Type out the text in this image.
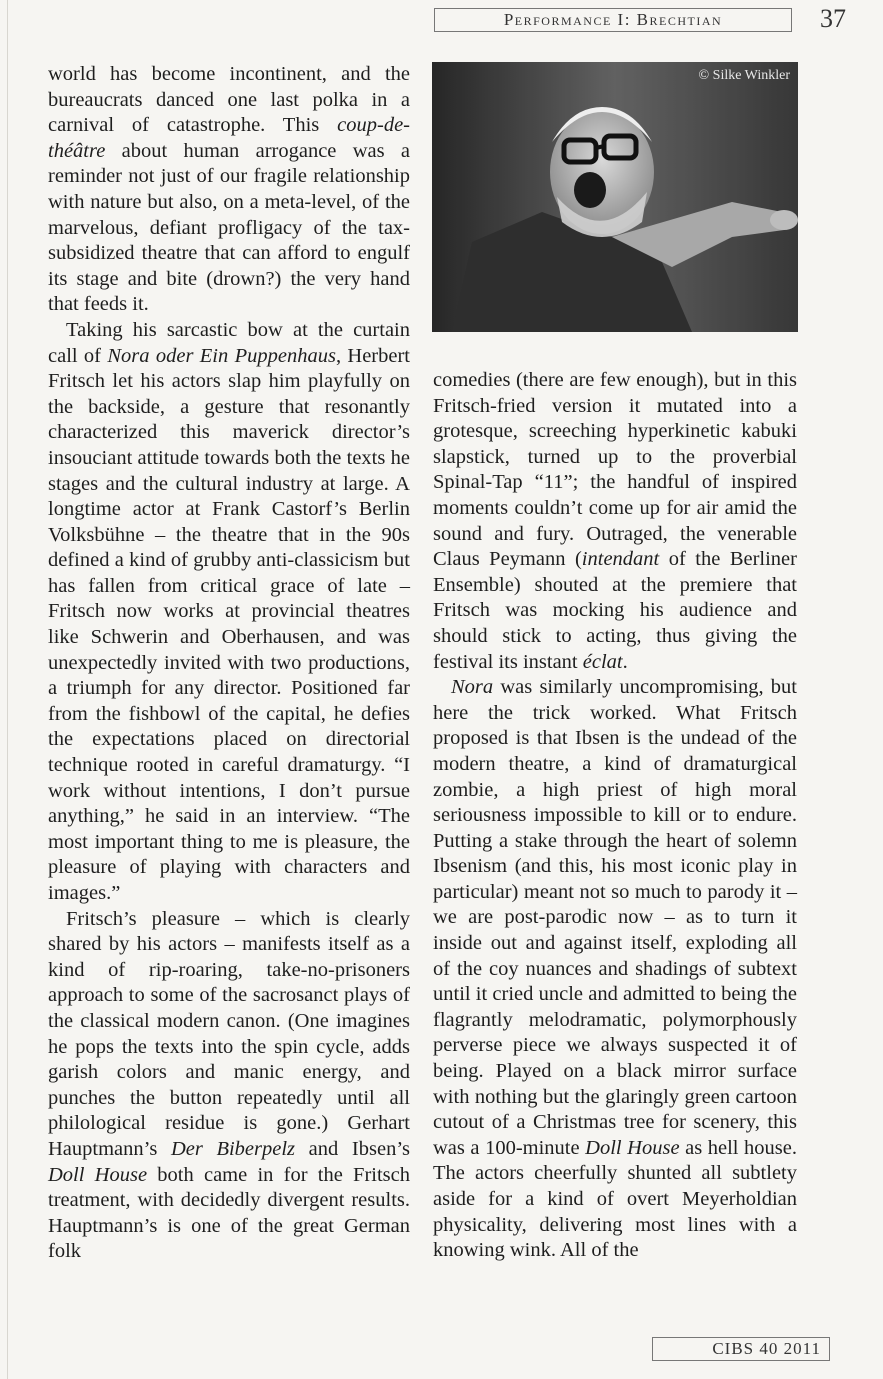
Performance I: Brechtian	37

world has become incontinent, and the bureaucrats danced one last polka in a carnival of catastrophe. This coup-de-théâtre about human arrogance was a reminder not just of our fragile relationship with nature but also, on a meta-level, of the marvelous, defiant profligacy of the tax-subsidized theatre that can afford to engulf its stage and bite (drown?) the very hand that feeds it.

Taking his sarcastic bow at the curtain call of Nora oder Ein Puppenhaus, Herbert Fritsch let his actors slap him playfully on the backside, a gesture that resonantly characterized this maverick director’s insouciant attitude towards both the texts he stages and the cultural industry at large. A longtime actor at Frank Castorf’s Berlin Volksbühne – the theatre that in the 90s defined a kind of grubby anti-classicism but has fallen from critical grace of late – Fritsch now works at provincial theatres like Schwerin and Oberhausen, and was unexpectedly invited with two productions, a triumph for any director. Positioned far from the fishbowl of the capital, he defies the expectations placed on directorial technique rooted in careful dramaturgy. “I work without intentions, I don’t pursue anything,” he said in an interview. “The most important thing to me is pleasure, the pleasure of playing with characters and images.”

Fritsch’s pleasure – which is clearly shared by his actors – manifests itself as a kind of rip-roaring, take-no-prisoners approach to some of the sacrosanct plays of the classical modern canon. (One imagines he pops the texts into the spin cycle, adds garish colors and manic energy, and punches the button repeatedly until all philological residue is gone.) Gerhart Hauptmann’s Der Biberpelz and Ibsen’s Doll House both came in for the Fritsch treatment, with decidedly divergent results. Hauptmann’s is one of the great German folk

© Silke Winkler

comedies (there are few enough), but in this Fritsch-fried version it mutated into a grotesque, screeching hyperkinetic kabuki slapstick, turned up to the proverbial Spinal-Tap “11”; the handful of inspired moments couldn’t come up for air amid the sound and fury. Outraged, the venerable Claus Peymann (intendant of the Berliner Ensemble) shouted at the premiere that Fritsch was mocking his audience and should stick to acting, thus giving the festival its instant éclat.

Nora was similarly uncompromising, but here the trick worked. What Fritsch proposed is that Ibsen is the undead of the modern theatre, a kind of dramaturgical zombie, a high priest of high moral seriousness impossible to kill or to endure. Putting a stake through the heart of solemn Ibsenism (and this, his most iconic play in particular) meant not so much to parody it – we are post-parodic now – as to turn it inside out and against itself, exploding all of the coy nuances and shadings of subtext until it cried uncle and admitted to being the flagrantly melodramatic, polymorphously perverse piece we always suspected it of being. Played on a black mirror surface with nothing but the glaringly green cartoon cutout of a Christmas tree for scenery, this was a 100-minute Doll House as hell house. The actors cheerfully shunted all subtlety aside for a kind of overt Meyerholdian physicality, delivering most lines with a knowing wink. All of the

CIBS 40 2011
